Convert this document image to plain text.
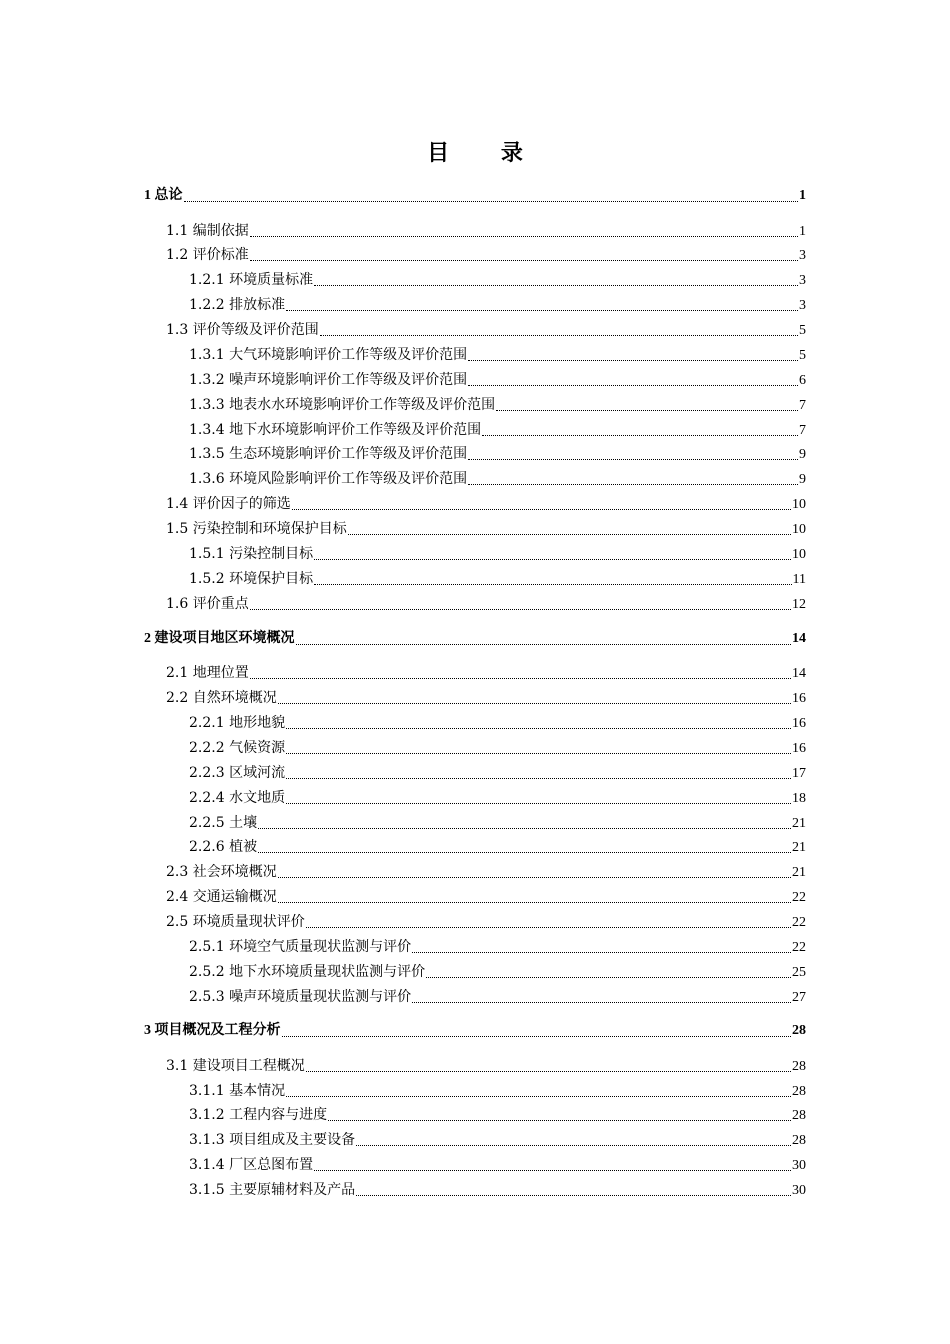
目 录
1 总论	1
1.1 编制依据	1
1.2 评价标准	3
1.2.1 环境质量标准	3
1.2.2 排放标准	3
1.3 评价等级及评价范围	5
1.3.1 大气环境影响评价工作等级及评价范围	5
1.3.2 噪声环境影响评价工作等级及评价范围	6
1.3.3 地表水水环境影响评价工作等级及评价范围	7
1.3.4 地下水环境影响评价工作等级及评价范围	7
1.3.5 生态环境影响评价工作等级及评价范围	9
1.3.6 环境风险影响评价工作等级及评价范围	9
1.4 评价因子的筛选	10
1.5 污染控制和环境保护目标	10
1.5.1 污染控制目标	10
1.5.2 环境保护目标	11
1.6 评价重点	12
2 建设项目地区环境概况	14
2.1 地理位置	14
2.2 自然环境概况	16
2.2.1 地形地貌	16
2.2.2 气候资源	16
2.2.3 区域河流	17
2.2.4 水文地质	18
2.2.5 土壤	21
2.2.6 植被	21
2.3 社会环境概况	21
2.4 交通运输概况	22
2.5 环境质量现状评价	22
2.5.1 环境空气质量现状监测与评价	22
2.5.2 地下水环境质量现状监测与评价	25
2.5.3 噪声环境质量现状监测与评价	27
3 项目概况及工程分析	28
3.1 建设项目工程概况	28
3.1.1 基本情况	28
3.1.2 工程内容与进度	28
3.1.3 项目组成及主要设备	28
3.1.4 厂区总图布置	30
3.1.5 主要原辅材料及产品	30
